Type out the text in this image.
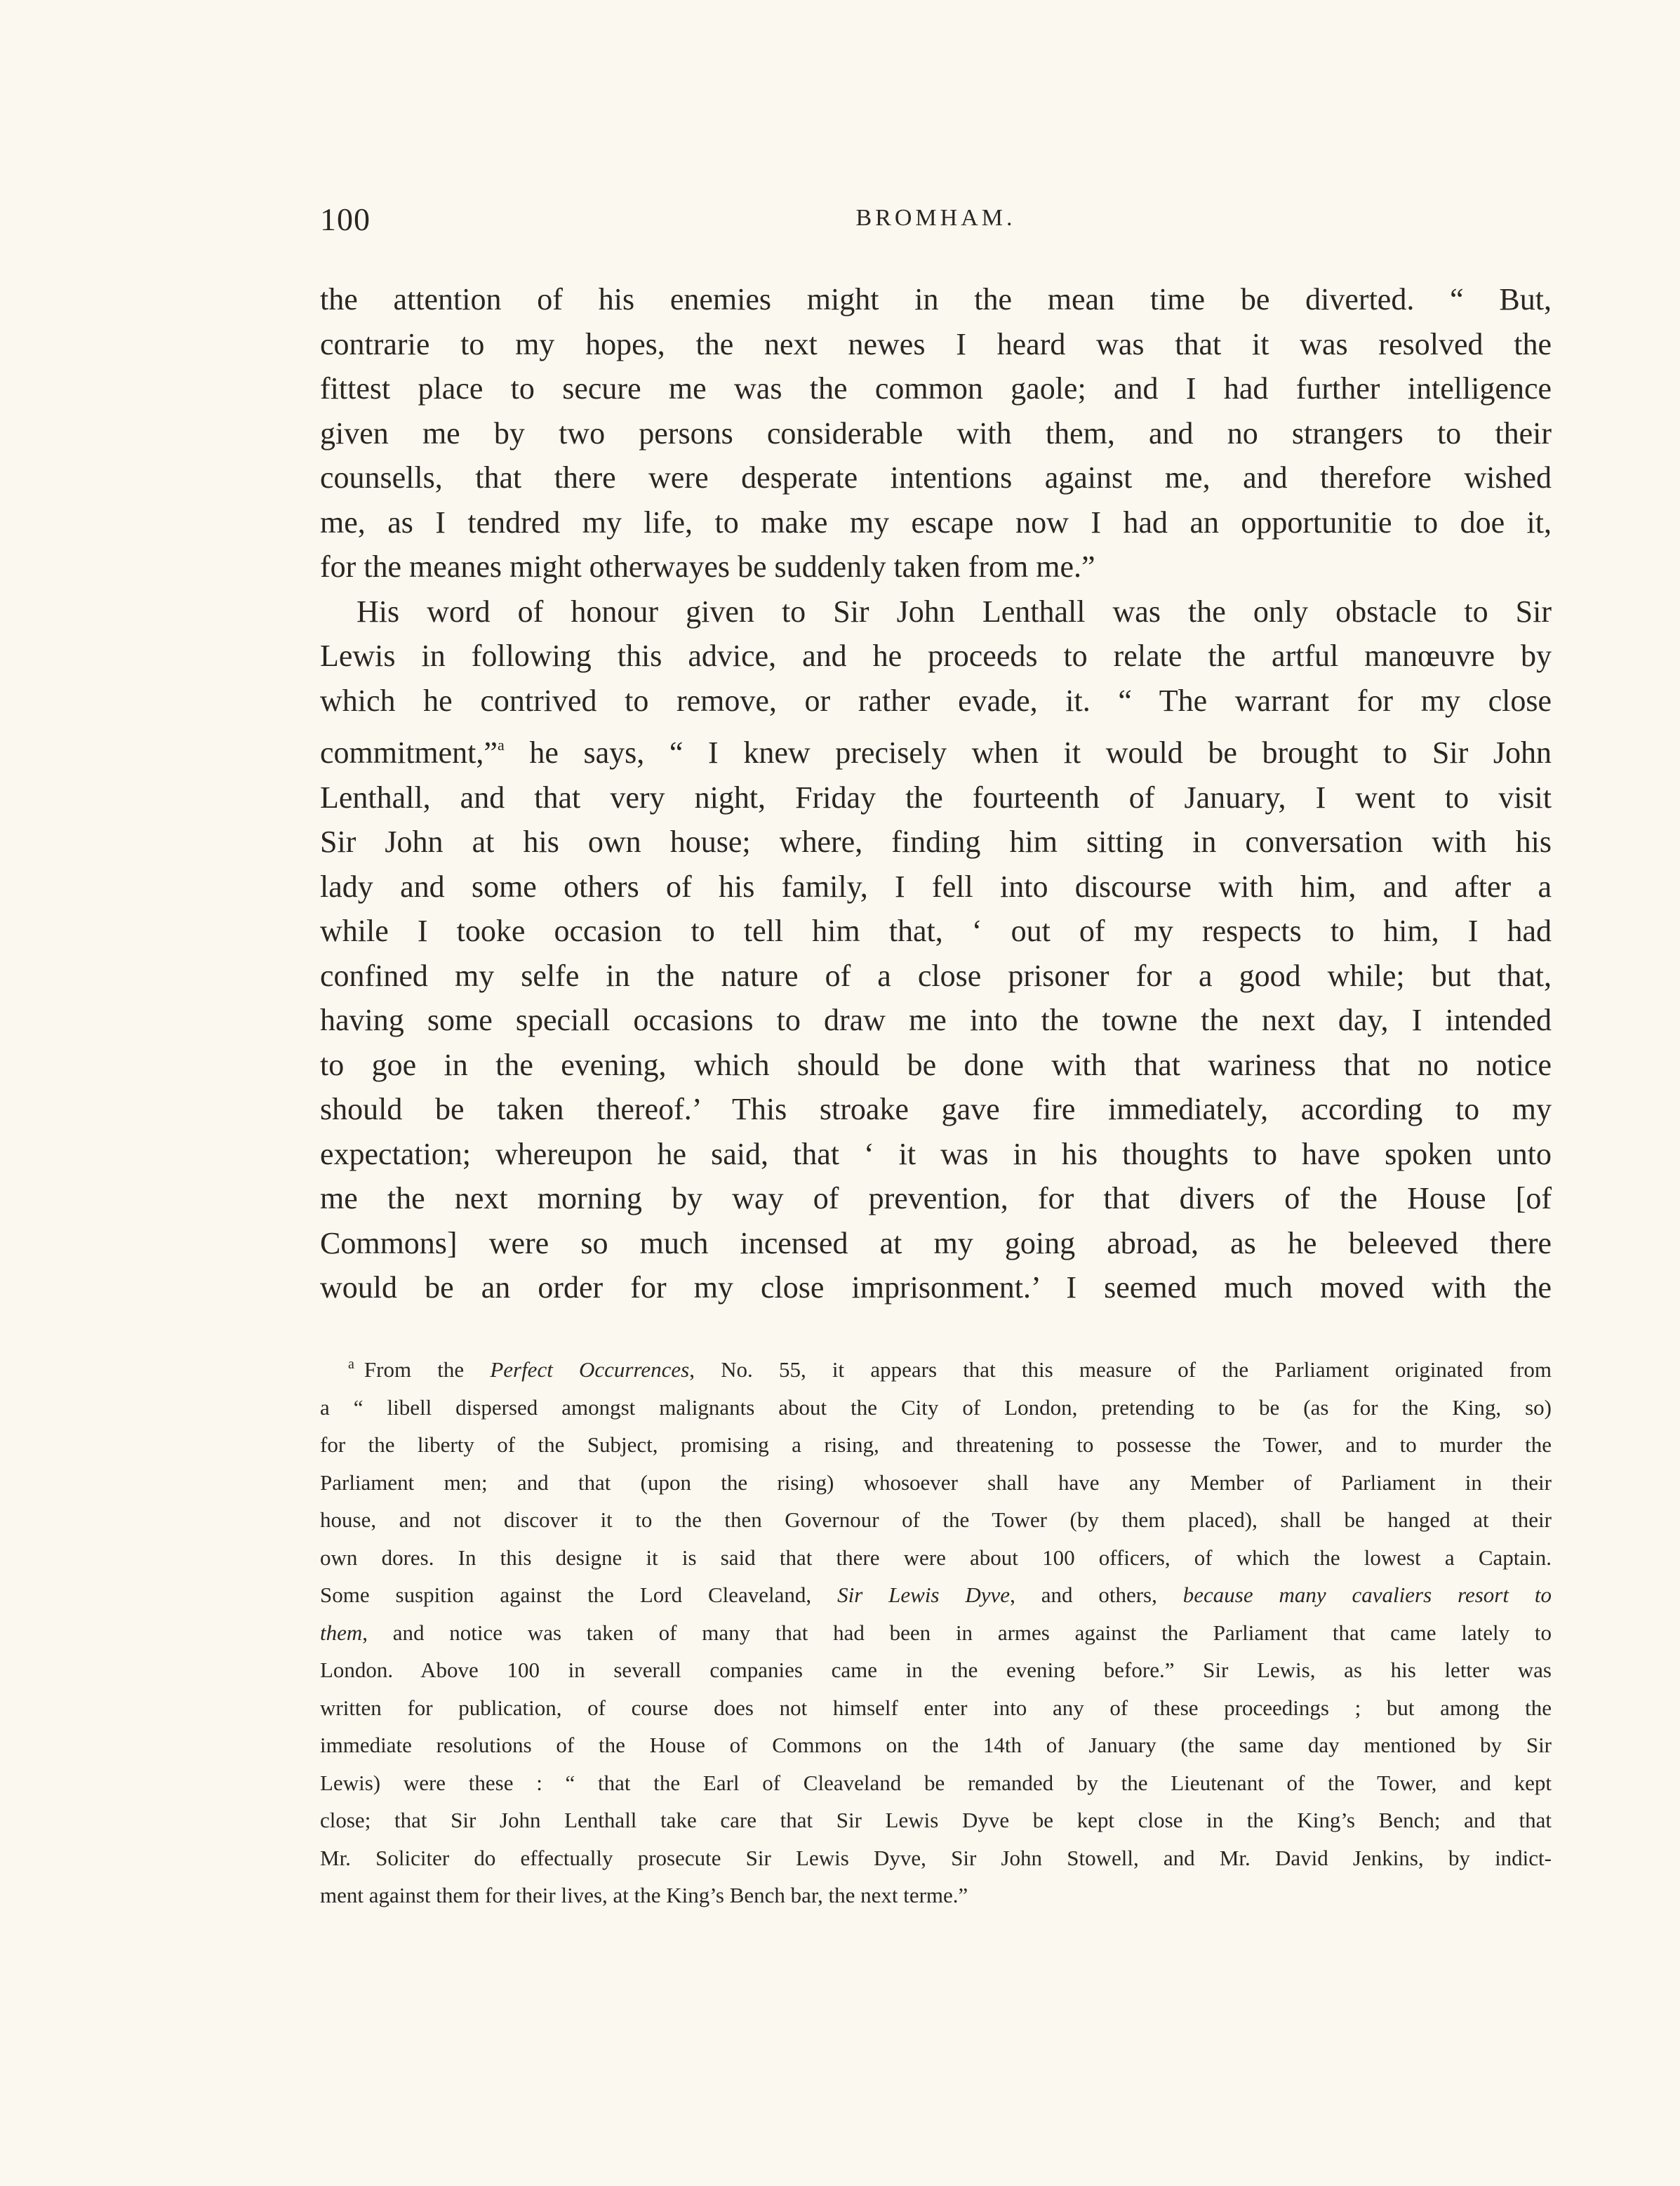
100	BROMHAM.
the attention of his enemies might in the mean time be diverted. “ But,
contrarie to my hopes, the next newes I heard was that it was resolved the
fittest place to secure me was the common gaole; and I had further intelligence
given me by two persons considerable with them, and no strangers to their
counsells, that there were desperate intentions against me, and therefore wished
me, as I tendred my life, to make my escape now I had an opportunitie to doe it,
for the meanes might otherwayes be suddenly taken from me.”
His word of honour given to Sir John Lenthall was the only obstacle to Sir
Lewis in following this advice, and he proceeds to relate the artful manœuvre by
which he contrived to remove, or rather evade, it. “ The warrant for my close
commitment,”$^a$ he says, “ I knew precisely when it would be brought to Sir John
Lenthall, and that very night, Friday the fourteenth of January, I went to visit
Sir John at his own house; where, finding him sitting in conversation with his
lady and some others of his family, I fell into discourse with him, and after a
while I tooke occasion to tell him that, ‘ out of my respects to him, I had
confined my selfe in the nature of a close prisoner for a good while; but that,
having some speciall occasions to draw me into the towne the next day, I intended
to goe in the evening, which should be done with that wariness that no notice
should be taken thereof.’ This stroake gave fire immediately, according to my
expectation; whereupon he said, that ‘ it was in his thoughts to have spoken unto
me the next morning by way of prevention, for that divers of the House [of
Commons] were so much incensed at my going abroad, as he beleeved there
would be an order for my close imprisonment.’ I seemed much moved with the
$^a$ From the Perfect Occurrences, No. 55, it appears that this measure of the Parliament originated from
a “ libell dispersed amongst malignants about the City of London, pretending to be (as for the King, so)
for the liberty of the Subject, promising a rising, and threatening to possesse the Tower, and to murder the
Parliament men; and that (upon the rising) whosoever shall have any Member of Parliament in their
house, and not discover it to the then Governour of the Tower (by them placed), shall be hanged at their
own dores. In this designe it is said that there were about 100 officers, of which the lowest a Captain.
Some suspition against the Lord Cleaveland, Sir Lewis Dyve, and others, because many cavaliers resort to
them, and notice was taken of many that had been in armes against the Parliament that came lately to
London. Above 100 in severall companies came in the evening before.” Sir Lewis, as his letter was
written for publication, of course does not himself enter into any of these proceedings ; but among the
immediate resolutions of the House of Commons on the 14th of January (the same day mentioned by Sir
Lewis) were these : “ that the Earl of Cleaveland be remanded by the Lieutenant of the Tower, and kept
close; that Sir John Lenthall take care that Sir Lewis Dyve be kept close in the King’s Bench; and that
Mr. Soliciter do effectually prosecute Sir Lewis Dyve, Sir John Stowell, and Mr. David Jenkins, by indict-
ment against them for their lives, at the King’s Bench bar, the next terme.”
